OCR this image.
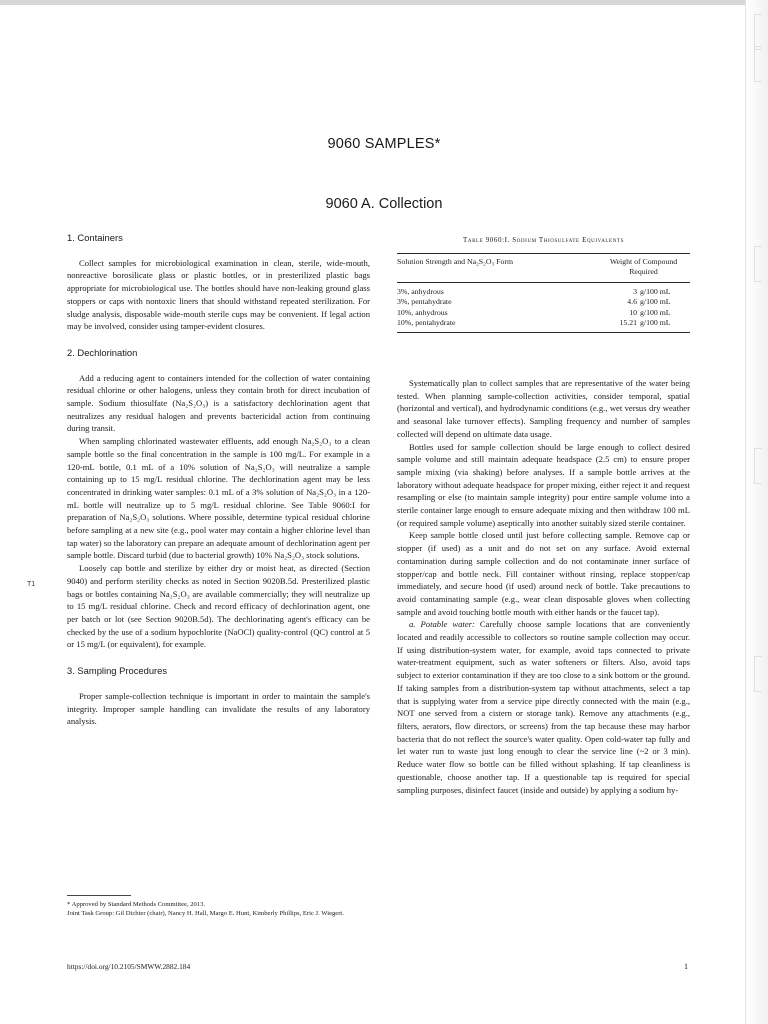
9060 SAMPLES*
9060 A. Collection
T1
1. Containers

Collect samples for microbiological examination in clean, sterile, wide-mouth, nonreactive borosilicate glass or plastic bottles, or in presterilized plastic bags appropriate for microbiological use. The bottles should have non-leaking ground glass stoppers or caps with nontoxic liners that should withstand repeated sterilization. For sludge analysis, disposable wide-mouth sterile cups may be convenient. If legal action may be involved, consider using tamper-evident closures.

2. Dechlorination

Add a reducing agent to containers intended for the collection of water containing residual chlorine or other halogens, unless they contain broth for direct incubation of sample. Sodium thiosulfate (Na₂S₂O₃) is a satisfactory dechlorination agent that neutralizes any residual halogen and prevents bactericidal action from continuing during transit.

When sampling chlorinated wastewater effluents, add enough Na₂S₂O₃ to a clean sample bottle so the final concentration in the sample is 100 mg/L. For example in a 120-mL bottle, 0.1 mL of a 10% solution of Na₂S₂O₃ will neutralize a sample containing up to 15 mg/L residual chlorine. The dechlorination agent may be less concentrated in drinking water samples: 0.1 mL of a 3% solution of Na₂S₂O₃ in a 120-mL bottle will neutralize up to 5 mg/L residual chlorine. See Table 9060:I for preparation of Na₂S₂O₃ solutions. Where possible, determine typical residual chlorine before sampling at a new site (e.g., pool water may contain a higher chlorine level than tap water) so the laboratory can prepare an adequate amount of dechlorination agent per sample bottle. Discard turbid (due to bacterial growth) 10% Na₂S₂O₃ stock solutions.

Loosely cap bottle and sterilize by either dry or moist heat, as directed (Section 9040) and perform sterility checks as noted in Section 9020B.5d. Presterilized plastic bags or bottles containing Na₂S₂O₃ are available commercially; they will neutralize up to 15 mg/L residual chlorine. Check and record efficacy of dechlorination agent, one per batch or lot (see Section 9020B.5d). The dechlorinating agent's efficacy can be checked by the use of a sodium hypochlorite (NaOCl) quality-control (QC) control at 5 or 15 mg/L (or equivalent), for example.

3. Sampling Procedures

Proper sample-collection technique is important in order to maintain the sample's integrity. Improper sample handling can invalidate the results of any laboratory analysis.

Table 9060:I. Sodium Thiosulfate Equivalents
Solution Strength and Na₂S₂O₃ Form	Weight of Compound Required	
3%, anhydrous	3	g/100 mL
3%, pentahydrate	4.6	g/100 mL
10%, anhydrous	10	g/100 mL
10%, pentahydrate	15.21	g/100 mL

Systematically plan to collect samples that are representative of the water being tested. When planning sample-collection activities, consider temporal, spatial (horizontal and vertical), and hydrodynamic conditions (e.g., wet versus dry weather and seasonal lake turnover effects). Sampling frequency and number of samples collected will depend on ultimate data usage.

Bottles used for sample collection should be large enough to collect desired sample volume and still maintain adequate headspace (2.5 cm) to ensure proper sample mixing (via shaking) before analyses. If a sample bottle arrives at the laboratory without adequate headspace for proper mixing, either reject it and request resampling or else (to maintain sample integrity) pour entire sample volume into a sterile container large enough to ensure adequate mixing and then withdraw 100 mL (or required sample volume) aseptically into another suitably sized sterile container.

Keep sample bottle closed until just before collecting sample. Remove cap or stopper (if used) as a unit and do not set on any surface. Avoid external contamination during sample collection and do not contaminate inner surface of stopper/cap and bottle neck. Fill container without rinsing, replace stopper/cap immediately, and secure hood (if used) around neck of bottle. Take precautions to avoid contaminating sample (e.g., wear clean disposable gloves when collecting sample and avoid touching bottle mouth with either hands or the faucet tap).

a. Potable water: Carefully choose sample locations that are conveniently located and readily accessible to collectors so routine sample collection may occur. If using distribution-system water, for example, avoid taps connected to private water-treatment equipment, such as water softeners or filters. Also, avoid taps subject to exterior contamination if they are too close to a sink bottom or the ground. If taking samples from a distribution-system tap without attachments, select a tap that is supplying water from a service pipe directly connected with the main (e.g., NOT one served from a cistern or storage tank). Remove any attachments (e.g., filters, aerators, flow directors, or screens) from the tap because these may harbor bacteria that do not reflect the source's water quality. Open cold-water tap fully and let water run to waste just long enough to clear the service line (~2 or 3 min). Reduce water flow so bottle can be filled without splashing. If tap cleanliness is questionable, choose another tap. If a questionable tap is required for special sampling purposes, disinfect faucet (inside and outside) by applying a sodium hy-

* Approved by Standard Methods Committee, 2013.
Joint Task Group: Gil Dichter (chair), Nancy H. Hall, Margo E. Hunt, Kimberly Phillips, Eric J. Wiegert.
https://doi.org/10.2105/SMWW.2882.184	1
